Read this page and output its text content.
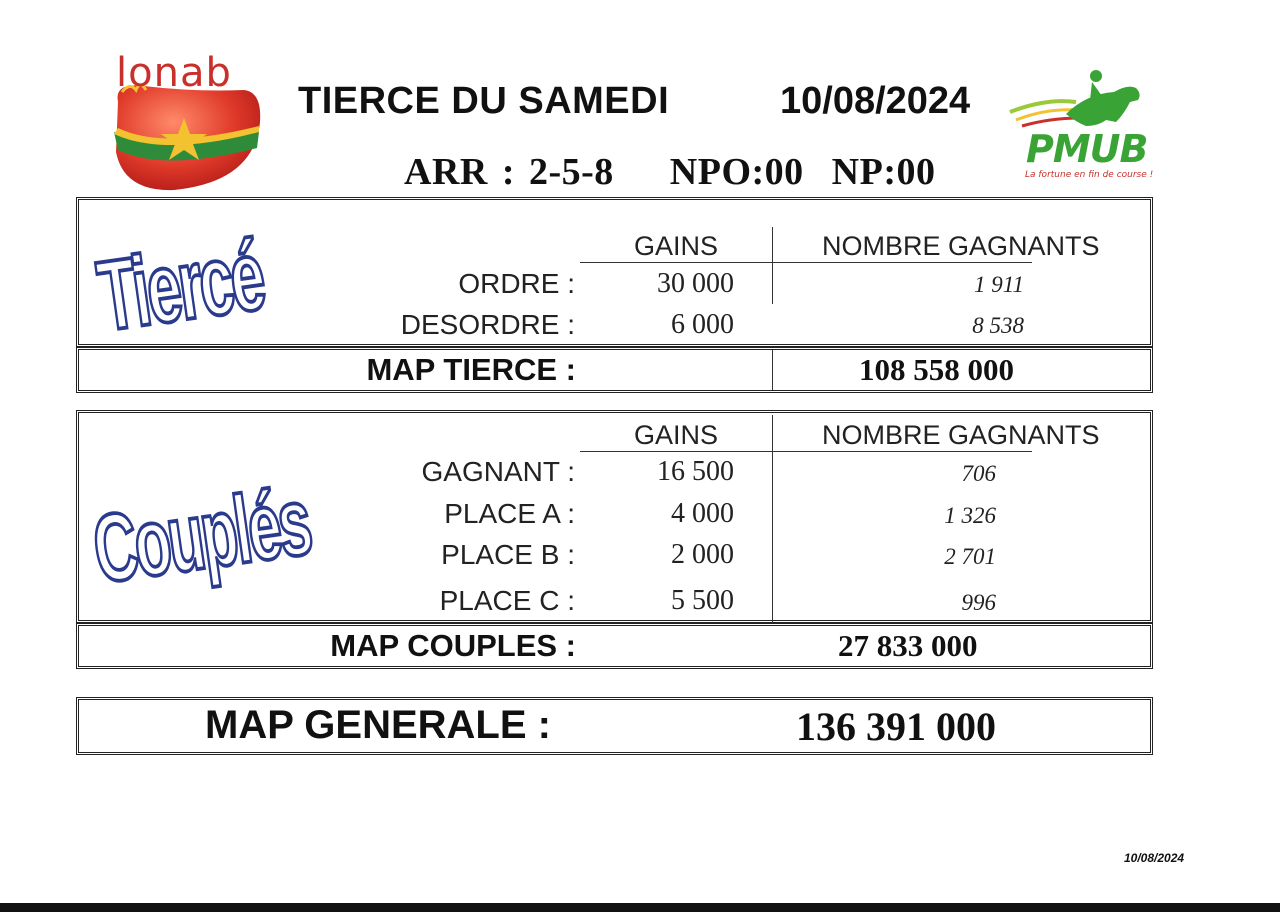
lonab
TIERCE DU SAMEDI	10/08/2024
ARR : 2-5-8 NPO:00 NP:00
PMUB
La fortune en fin de course !
Tiercé	GAINS	NOMBRE GAGNANTS
ORDRE :	30 000	1 911
DESORDRE :	6 000	8 538
MAP TIERCE :	108 558 000
Couplés
GAINS	NOMBRE GAGNANTS
GAGNANT :	16 500	706
PLACE A :	4 000	1 326
PLACE B :	2 000	2 701
PLACE C :	5 500	996
MAP COUPLES :	27 833 000
MAP GENERALE :	136 391 000
10/08/2024
